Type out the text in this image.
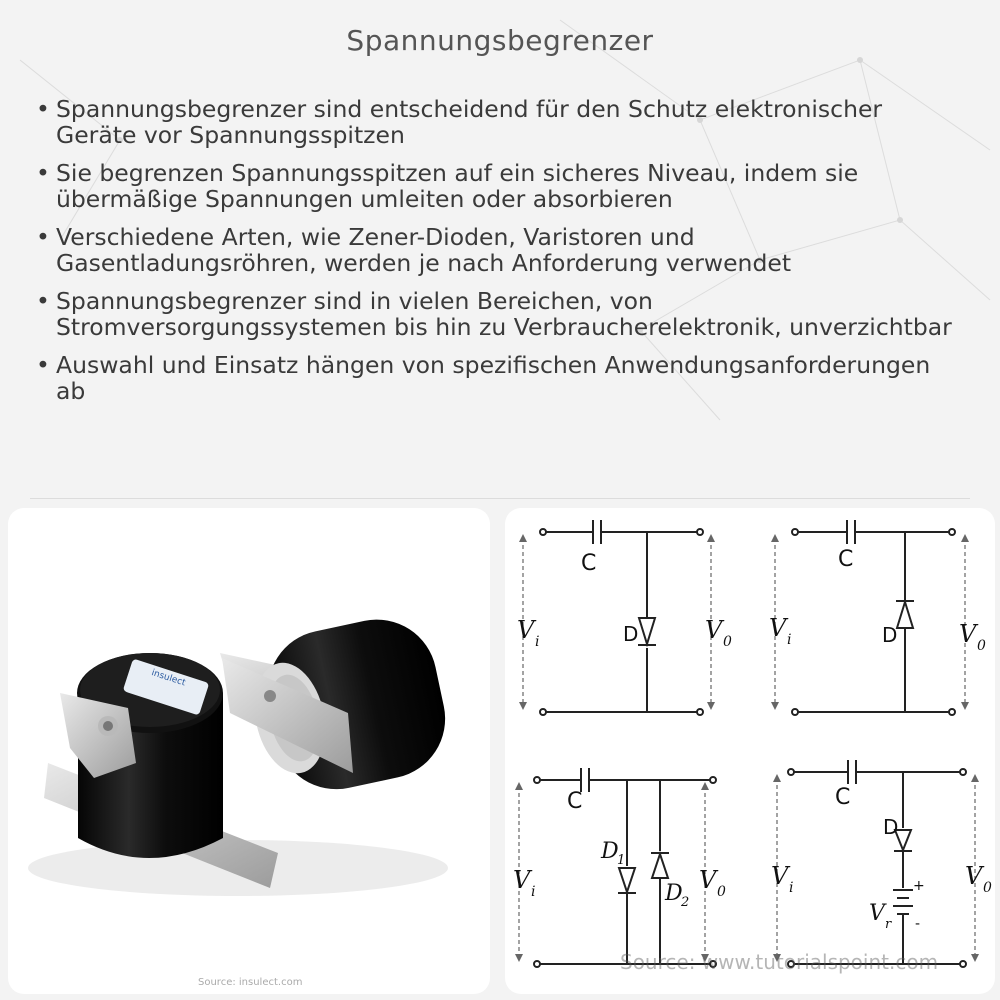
Spannungsbegrenzer
• Spannungsbegrenzer sind entscheidend für den Schutz elektronischer Geräte vor Spannungsspitzen
• Sie begrenzen Spannungsspitzen auf ein sicheres Niveau, indem sie übermäßige Spannungen umleiten oder absorbieren
• Verschiedene Arten, wie Zener-Dioden, Varistoren und Gasentladungsröhren, werden je nach Anforderung verwendet
• Spannungsbegrenzer sind in vielen Bereichen, von Stromversorgungssystemen bis hin zu Verbraucherelektronik, unverzichtbar
• Auswahl und Einsatz hängen von spezifischen Anwendungsanforderungen ab
insulect
Source: insulect.com
C
D
V i	V 0
C
D
V i	V 0
C
D
1
D
2
V i	V 0
C
D
V r
+
-
V i	V 0
Source: www.tutorialspoint.com
